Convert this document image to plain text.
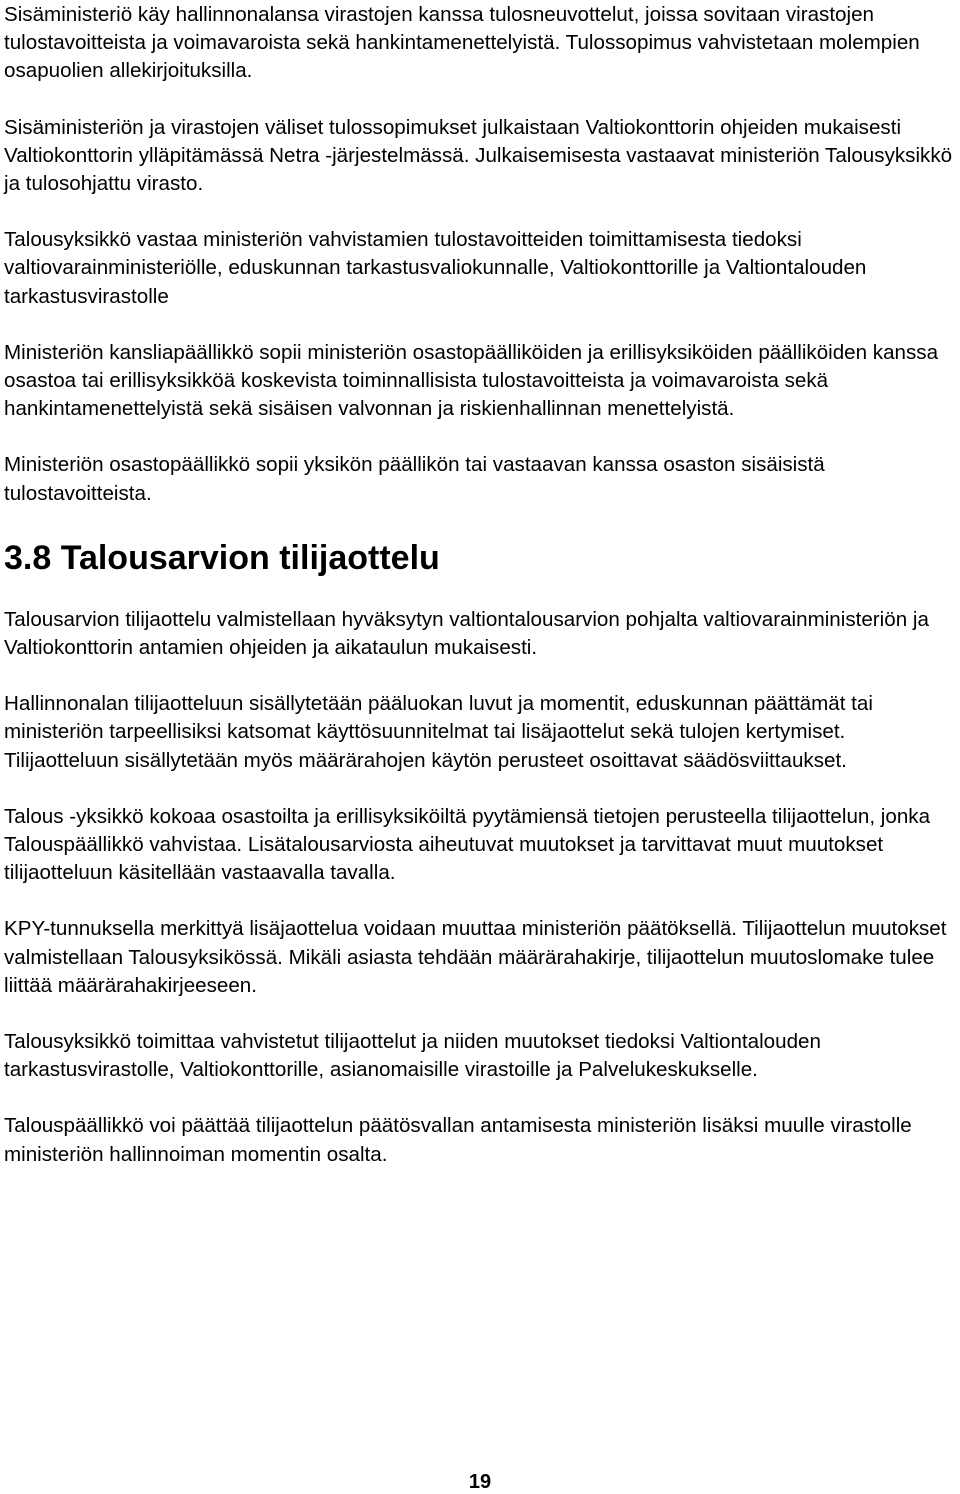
Sisäministeriö käy hallinnonalansa virastojen kanssa tulosneuvottelut, joissa sovitaan virastojen tulostavoitteista ja voimavaroista sekä hankintamenettelyistä. Tulossopimus vahvistetaan molempien osapuolien allekirjoituksilla.

Sisäministeriön ja virastojen väliset tulossopimukset julkaistaan Valtiokonttorin ohjeiden mukaisesti Valtiokonttorin ylläpitämässä Netra -järjestelmässä. Julkaisemisesta vastaavat ministeriön Talousyksikkö ja tulosohjattu virasto.

Talousyksikkö vastaa ministeriön vahvistamien tulostavoitteiden toimittamisesta tiedoksi valtiovarainministeriölle, eduskunnan tarkastusvaliokunnalle, Valtiokonttorille ja Valtiontalouden tarkastusvirastolle

Ministeriön kansliapäällikkö sopii ministeriön osastopäälliköiden ja erillisyksiköiden päälliköiden kanssa osastoa tai erillisyksikköä koskevista toiminnallisista tulostavoitteista ja voimavaroista sekä hankintamenettelyistä sekä sisäisen valvonnan ja riskienhallinnan menettelyistä.

Ministeriön osastopäällikkö sopii yksikön päällikön tai vastaavan kanssa osaston sisäisistä tulostavoitteista.

3.8 Talousarvion tilijaottelu

Talousarvion tilijaottelu valmistellaan hyväksytyn valtiontalousarvion pohjalta valtiovarainministeriön ja Valtiokonttorin antamien ohjeiden ja aikataulun mukaisesti.

Hallinnonalan tilijaotteluun sisällytetään pääluokan luvut ja momentit, eduskunnan päättämät tai ministeriön tarpeellisiksi katsomat käyttösuunnitelmat tai lisäjaottelut sekä tulojen kertymiset. Tilijaotteluun sisällytetään myös määrärahojen käytön perusteet osoittavat säädösviittaukset.

Talous -yksikkö kokoaa osastoilta ja erillisyksiköiltä pyytämiensä tietojen perusteella tilijaottelun, jonka Talouspäällikkö vahvistaa. Lisätalousarviosta aiheutuvat muutokset ja tarvittavat muut muutokset tilijaotteluun käsitellään vastaavalla tavalla.

KPY-tunnuksella merkittyä lisäjaottelua voidaan muuttaa ministeriön päätöksellä. Tilijaottelun muutokset valmistellaan Talousyksikössä. Mikäli asiasta tehdään määrärahakirje, tilijaottelun muutoslomake tulee liittää määrärahakirjeeseen.

Talousyksikkö toimittaa vahvistetut tilijaottelut ja niiden muutokset tiedoksi Valtiontalouden tarkastusvirastolle, Valtiokonttorille, asianomaisille virastoille ja Palvelukeskukselle.

Talouspäällikkö voi päättää tilijaottelun päätösvallan antamisesta ministeriön lisäksi muulle virastolle ministeriön hallinnoiman momentin osalta.

19
